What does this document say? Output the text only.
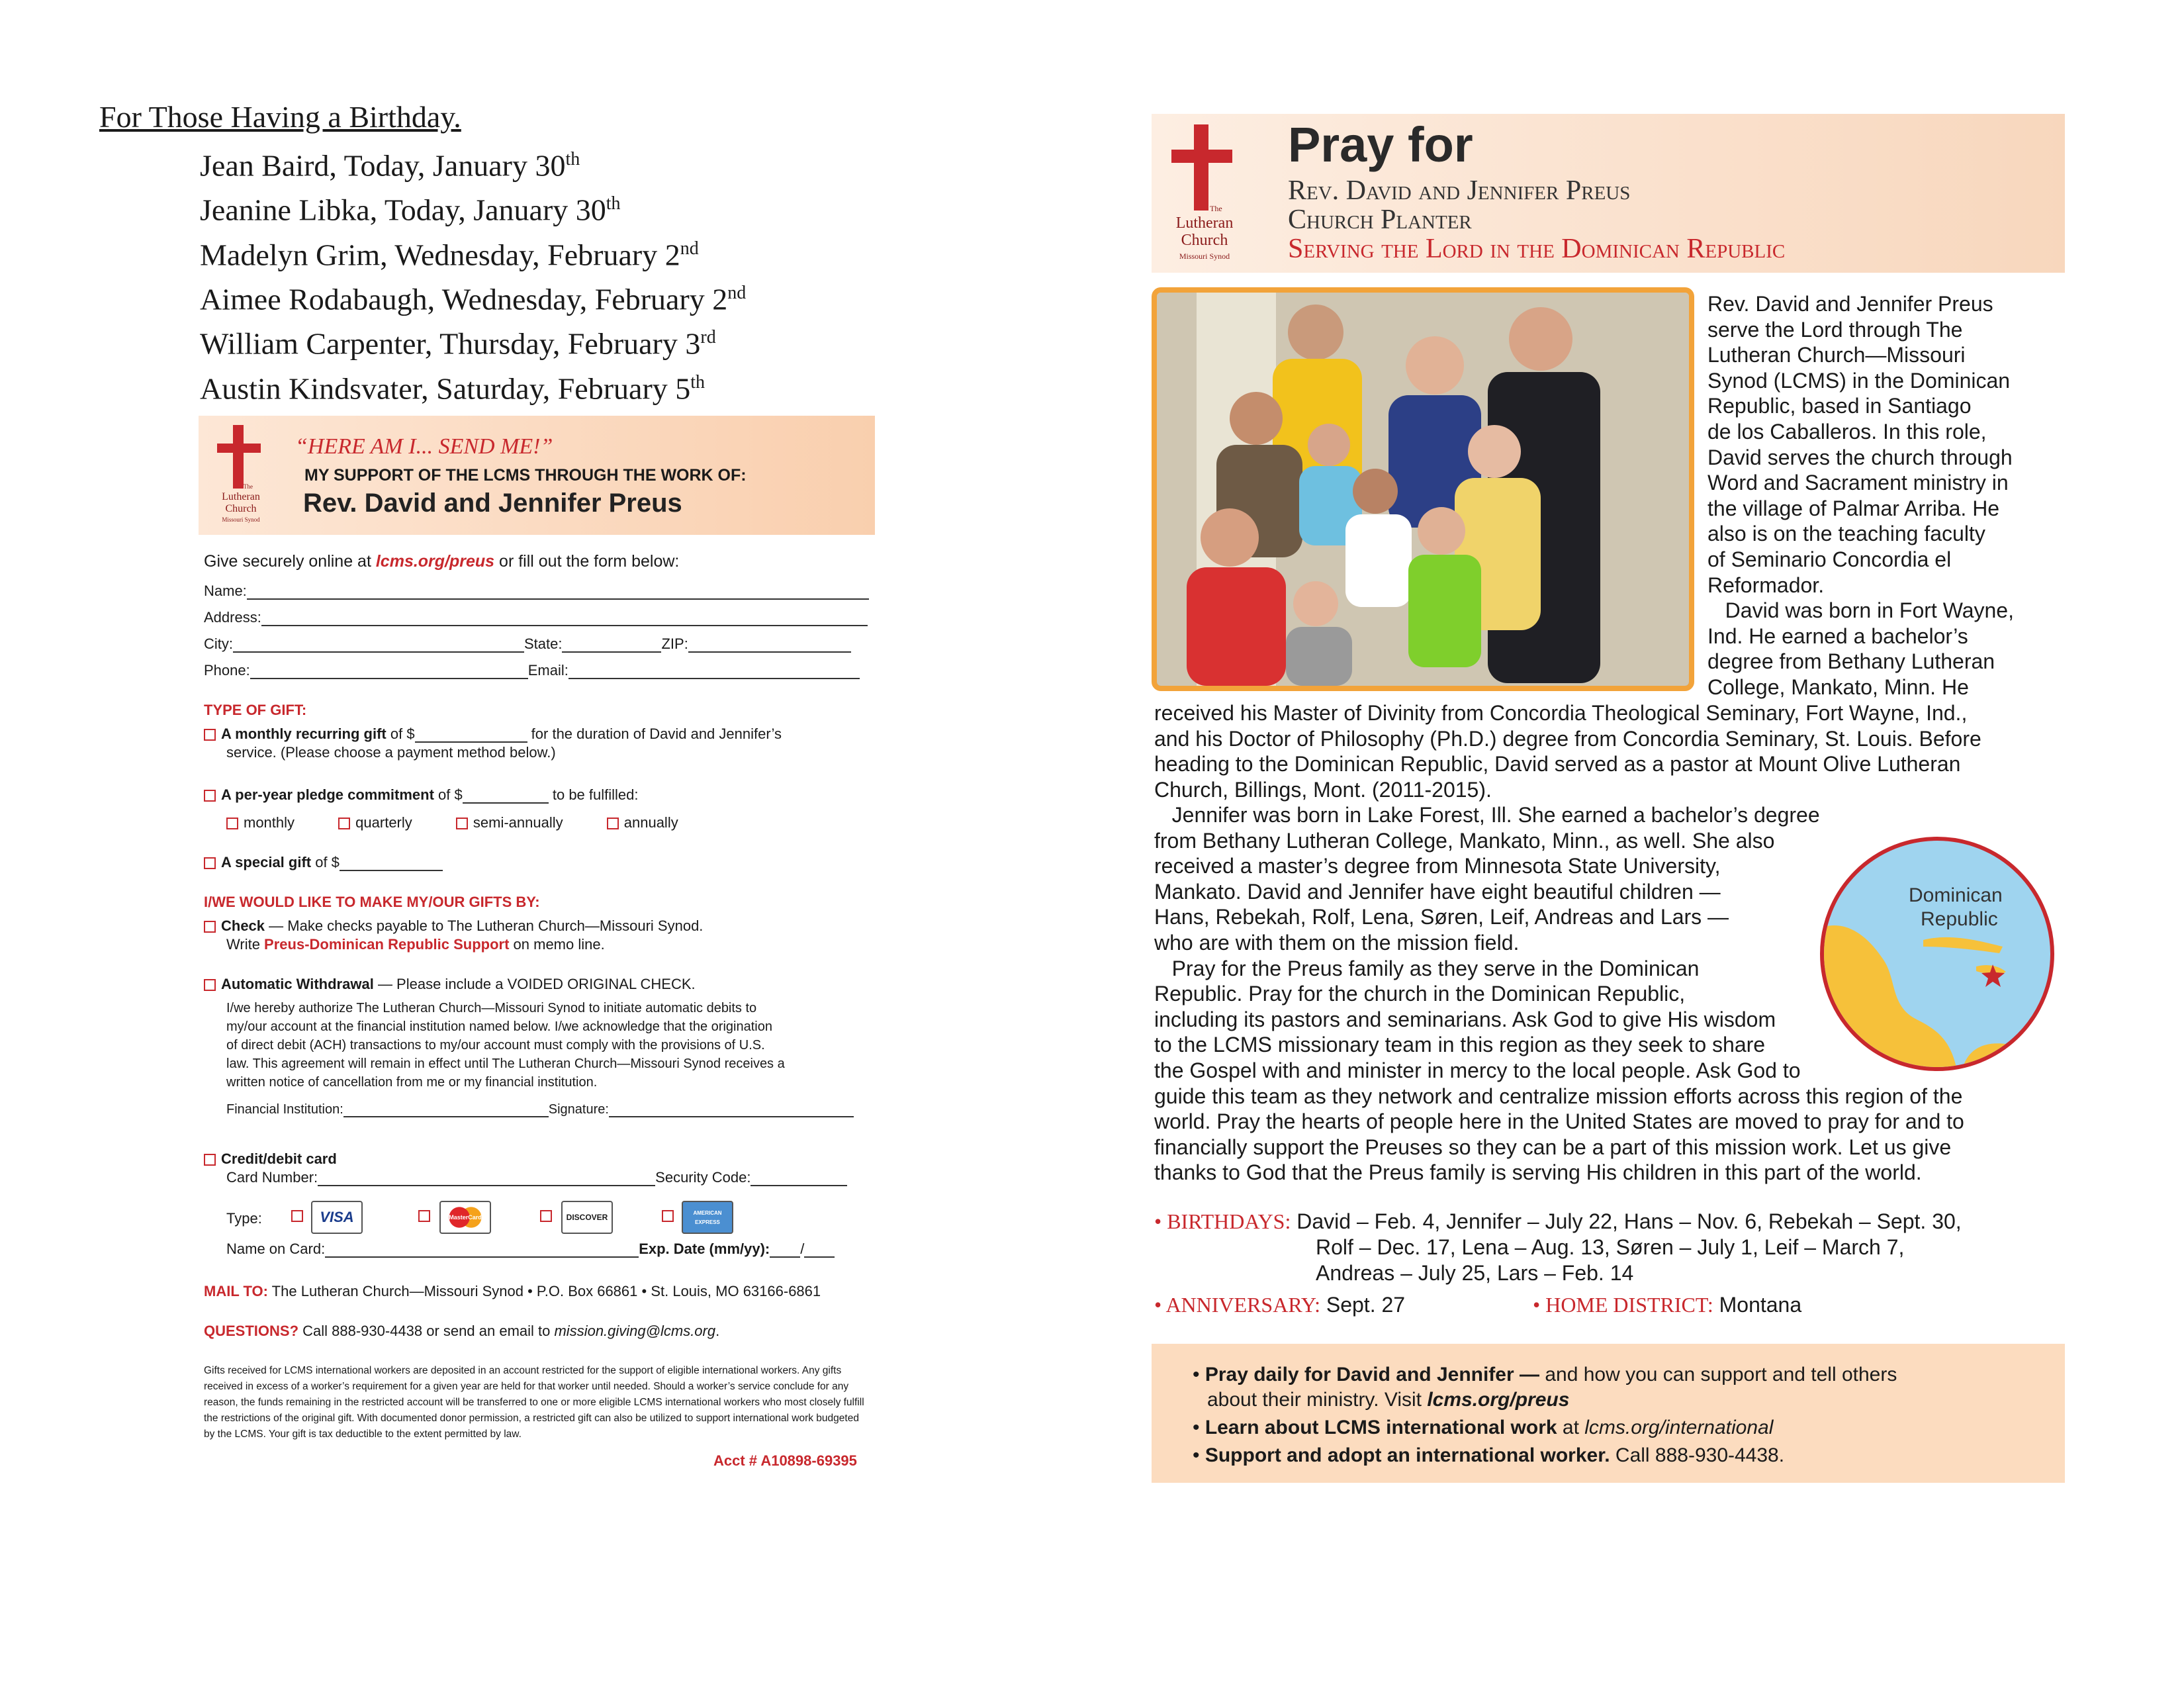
For Those Having a Birthday.
Jean Baird, Today, January 30th
Jeanine Libka, Today, January 30th
Madelyn Grim, Wednesday, February 2nd
Aimee Rodabaugh, Wednesday, February 2nd
William Carpenter, Thursday, February 3rd
Austin Kindsvater, Saturday, February 5th
The
Lutheran
Church
Missouri Synod
“HERE AM I... SEND ME!”
MY SUPPORT OF THE LCMS THROUGH THE WORK OF:
Rev. David and Jennifer Preus
Give securely online at lcms.org/preus or fill out the form below:
Name:
Address:
City:	State:	ZIP:
Phone:	Email:
TYPE OF GIFT:
A monthly recurring gift of $	for the duration of David and Jennifer’s
service. (Please choose a payment method below.)
A per-year pledge commitment of $	to be fulfilled:
monthly	quarterly	semi-annually	annually
A special gift of $
I/WE WOULD LIKE TO MAKE MY/OUR GIFTS BY:
Check — Make checks payable to The Lutheran Church—Missouri Synod.
Write Preus-Dominican Republic Support on memo line.
Automatic Withdrawal — Please include a VOIDED ORIGINAL CHECK.
I/we hereby authorize The Lutheran Church—Missouri Synod to initiate automatic debits to
my/our account at the financial institution named below. I/we acknowledge that the origination
of direct debit (ACH) transactions to my/our account must comply with the provisions of U.S.
law. This agreement will remain in effect until The Lutheran Church—Missouri Synod receives a
written notice of cancellation from me or my financial institution.
Financial Institution:	Signature:
Credit/debit card
Card Number:	Security Code:
Type:	VISA	MasterCard	DISCOVER	AMERICAN EXPRESS
Name on Card:	Exp. Date (mm/yy): /
MAIL TO: The Lutheran Church—Missouri Synod • P.O. Box 66861 • St. Louis, MO 63166-6861
QUESTIONS? Call 888-930-4438 or send an email to mission.giving@lcms.org.
Gifts received for LCMS international workers are deposited in an account restricted for the support of eligible international workers. Any gifts
received in excess of a worker’s requirement for a given year are held for that worker until needed. Should a worker’s service conclude for any
reason, the funds remaining in the restricted account will be transferred to one or more eligible LCMS international workers who most closely fulfill
the restrictions of the original gift. With documented donor permission, a restricted gift can also be utilized to support international work budgeted
by the LCMS. Your gift is tax deductible to the extent permitted by law.
Acct # A10898-69395
The
Lutheran
Church
Missouri Synod
Pray for
Rev. David and Jennifer Preus
Church Planter
Serving the Lord in the Dominican Republic
Rev. David and Jennifer Preus
serve the Lord through The
Lutheran Church—Missouri
Synod (LCMS) in the Dominican
Republic, based in Santiago
de los Caballeros. In this role,
David serves the church through
Word and Sacrament ministry in
the village of Palmar Arriba. He
also is on the teaching faculty
of Seminario Concordia el
Reformador.
David was born in Fort Wayne,
Ind. He earned a bachelor’s
degree from Bethany Lutheran
College, Mankato, Minn. He
received his Master of Divinity from Concordia Theological Seminary, Fort Wayne, Ind.,
and his Doctor of Philosophy (Ph.D.) degree from Concordia Seminary, St. Louis. Before
heading to the Dominican Republic, David served as a pastor at Mount Olive Lutheran
Church, Billings, Mont. (2011-2015).
Jennifer was born in Lake Forest, Ill. She earned a bachelor’s degree
from Bethany Lutheran College, Mankato, Minn., as well. She also
received a master’s degree from Minnesota State University,
Mankato. David and Jennifer have eight beautiful children —
Hans, Rebekah, Rolf, Lena, Søren, Leif, Andreas and Lars —
who are with them on the mission field.
Pray for the Preus family as they serve in the Dominican
Republic. Pray for the church in the Dominican Republic,
including its pastors and seminarians. Ask God to give His wisdom
to the LCMS missionary team in this region as they seek to share
the Gospel with and minister in mercy to the local people. Ask God to
guide this team as they network and centralize mission efforts across this region of the
world. Pray the hearts of people here in the United States are moved to pray for and to
financially support the Preuses so they can be a part of this mission work. Let us give
thanks to God that the Preus family is serving His children in this part of the world.
Dominican
Republic
• BIRTHDAYS: David – Feb. 4, Jennifer – July 22, Hans – Nov. 6, Rebekah – Sept. 30,
Rolf – Dec. 17, Lena – Aug. 13, Søren – July 1, Leif – March 7,
Andreas – July 25, Lars – Feb. 14
• ANNIVERSARY: Sept. 27	• HOME DISTRICT: Montana
• Pray daily for David and Jennifer — and how you can support and tell others
about their ministry. Visit lcms.org/preus
• Learn about LCMS international work at lcms.org/international
• Support and adopt an international worker. Call 888-930-4438.
